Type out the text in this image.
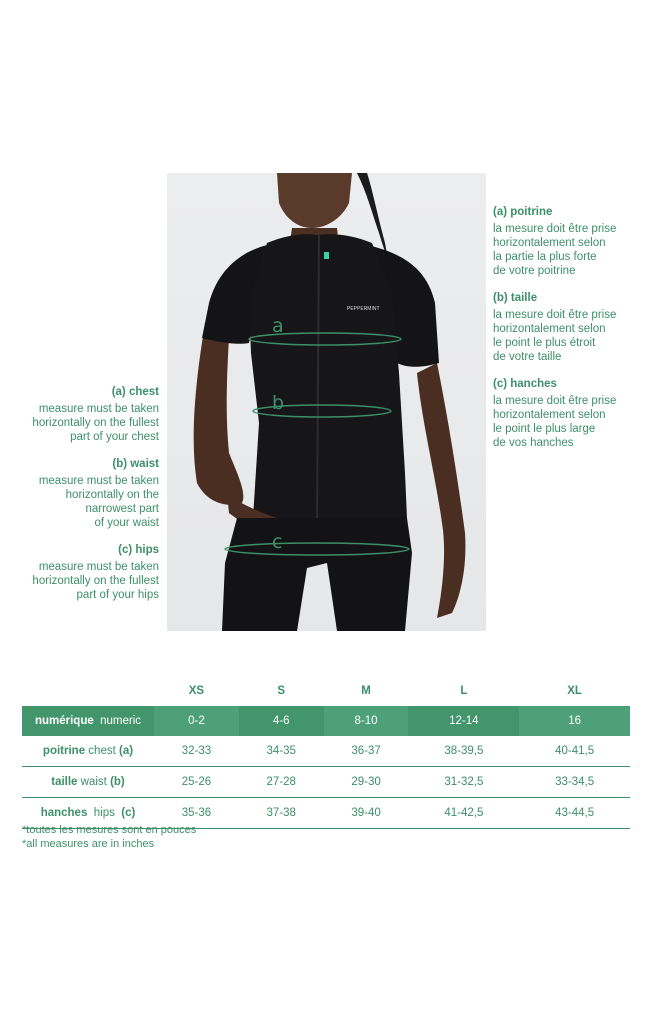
PEPPERMINT
a
b
c
(a) chest
measure must be taken
horizontally on the fullest
part of your chest
(b) waist
measure must be taken
horizontally on the
narrowest part
of your waist
(c) hips
measure must be taken
horizontally on the fullest
part of your hips
(a) poitrine
la mesure doit être prise
horizontalement selon
la partie la plus forte
de votre poitrine
(b) taille
la mesure doit être prise
horizontalement selon
le point le plus étroit
de votre taille
(c) hanches
la mesure doit être prise
horizontalement selon
le point le plus large
de vos hanches
	XS	S	M	L	XL
numérique numeric	0-2	4-6	8-10	12-14	16
poitrine chest (a)	32-33	34-35	36-37	38-39,5	40-41,5
taille waist (b)	25-26	27-28	29-30	31-32,5	33-34,5
hanches hips (c)	35-36	37-38	39-40	41-42,5	43-44,5
*toutes les mesures sont en pouces
*all measures are in inches
